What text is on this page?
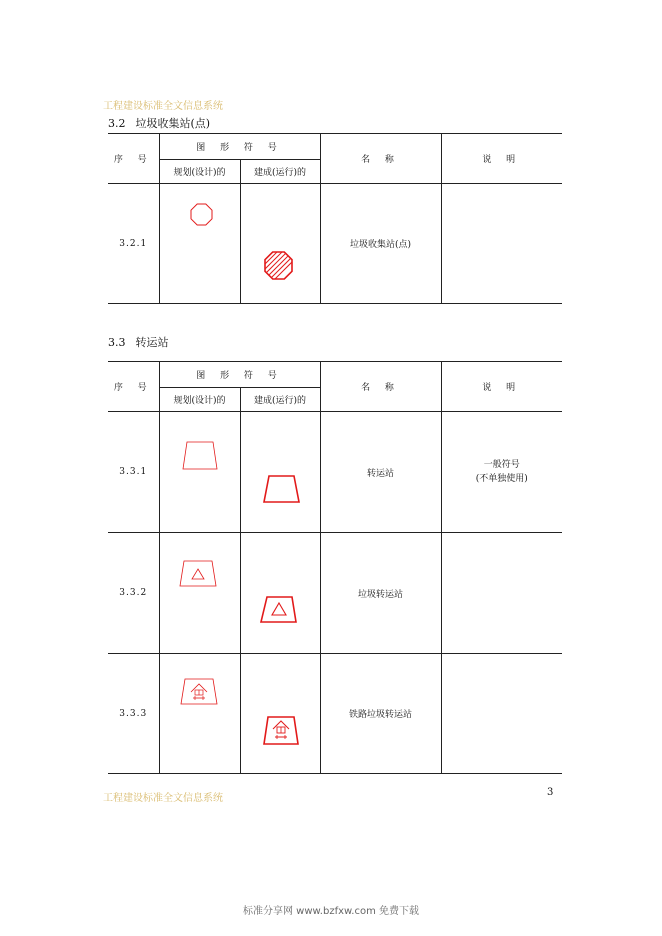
工程建设标准全文信息系统
3.2 垃圾收集站(点)
序 号	图 形 符 号		名 称	说 明
	规划(设计)的	建成(运行)的		
3.2.1			垃圾收集站(点)	
3.3 转运站
序 号	图 形 符 号		名 称	说 明
	规划(设计)的	建成(运行)的		
3.3.1			转运站	一般符号
(不单独使用)

3.3.2			垃圾转运站	
3.3.3			铁路垃圾转运站	
工程建设标准全文信息系统
3
标准分享网 www.bzfxw.com 免费下载
